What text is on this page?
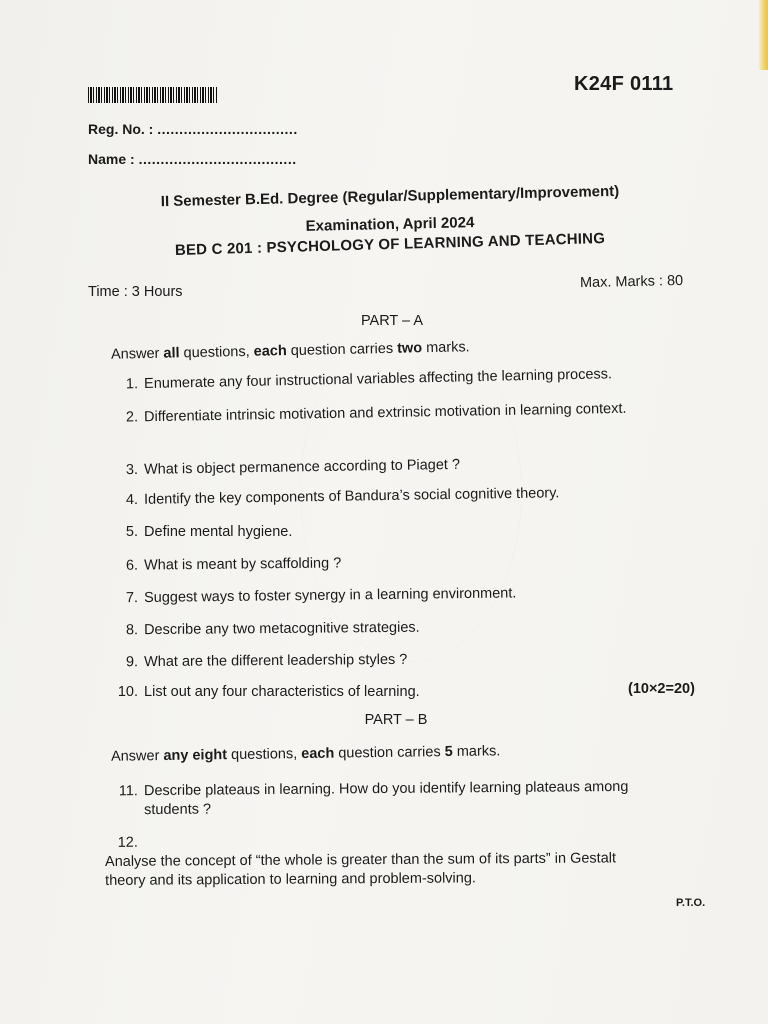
K24F 0111
Reg. No. : ................................
Name : ....................................
II Semester B.Ed. Degree (Regular/Supplementary/Improvement)
Examination, April 2024
BED C 201 : PSYCHOLOGY OF LEARNING AND TEACHING
Time : 3 Hours
Max. Marks : 80
PART – A
Answer all questions, each question carries two marks.
1. Enumerate any four instructional variables affecting the learning process.
2. Differentiate intrinsic motivation and extrinsic motivation in learning context.
3. What is object permanence according to Piaget ?
4. Identify the key components of Bandura’s social cognitive theory.
5. Define mental hygiene.
6. What is meant by scaffolding ?
7. Suggest ways to foster synergy in a learning environment.
8. Describe any two metacognitive strategies.
9. What are the different leadership styles ?
10. List out any four characteristics of learning.	(10×2=20)
PART – B
Answer any eight questions, each question carries 5 marks.
11. Describe plateaus in learning. How do you identify learning plateaus among students ?
12. Analyse the concept of “the whole is greater than the sum of its parts” in Gestalt theory and its application to learning and problem-solving.
P.T.O.
